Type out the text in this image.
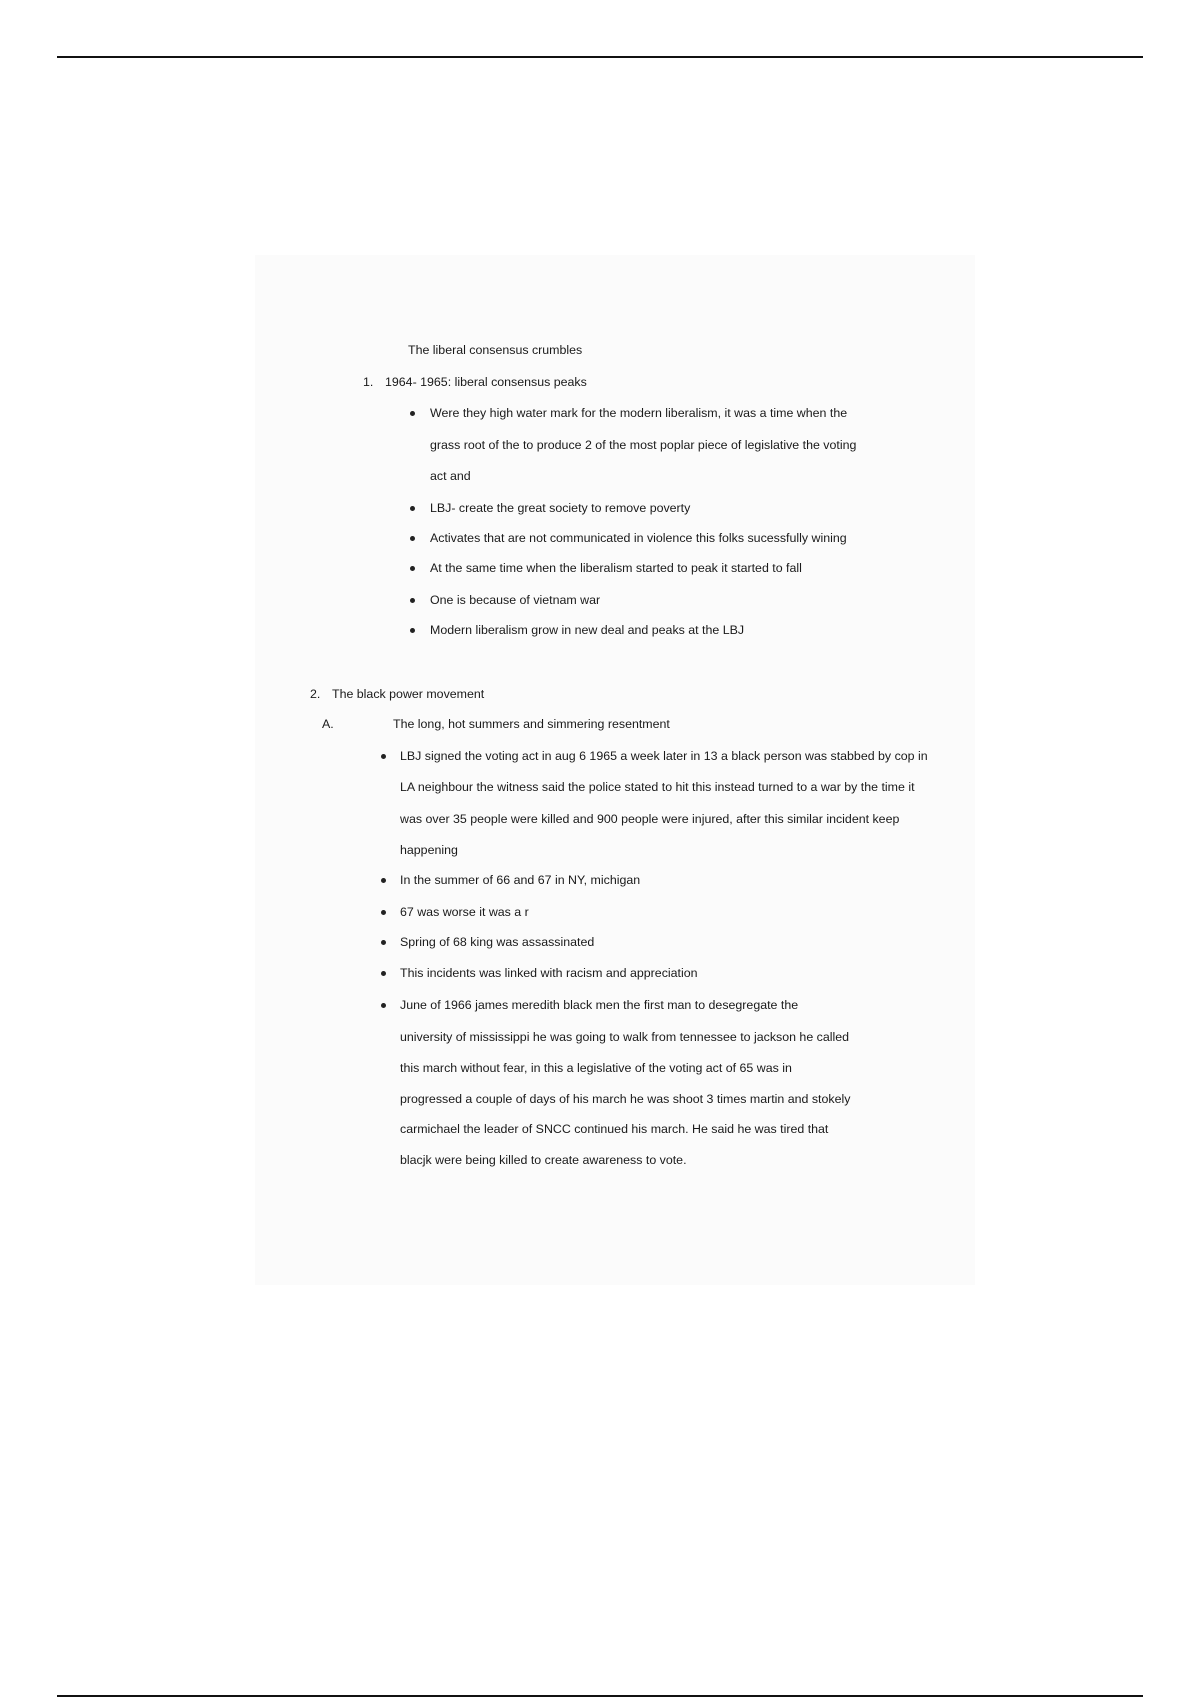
The liberal consensus crumbles
1. 1964- 1965: liberal consensus peaks
Were they high water mark for the modern liberalism, it was a time when the
grass root of the to produce 2 of the most poplar piece of legislative the voting
act and
LBJ- create the great society to remove poverty
Activates that are not communicated in violence this folks sucessfully wining
At the same time when the liberalism started to peak it started to fall
One is because of vietnam war
Modern liberalism grow in new deal and peaks at the LBJ
2. The black power movement
A.	The long, hot summers and simmering resentment
LBJ signed the voting act in aug 6 1965 a week later in 13 a black person was stabbed by cop in
LA neighbour the witness said the police stated to hit this instead turned to a war by the time it
was over 35 people were killed and 900 people were injured, after this similar incident keep
happening
In the summer of 66 and 67 in NY, michigan
67 was worse it was a r
Spring of 68 king was assassinated
This incidents was linked with racism and appreciation
June of 1966 james meredith black men the first man to desegregate the
university of mississippi he was going to walk from tennessee to jackson he called
this march without fear, in this a legislative of the voting act of 65 was in
progressed a couple of days of his march he was shoot 3 times martin and stokely
carmichael the leader of SNCC continued his march. He said he was tired that
blacjk were being killed to create awareness to vote.
